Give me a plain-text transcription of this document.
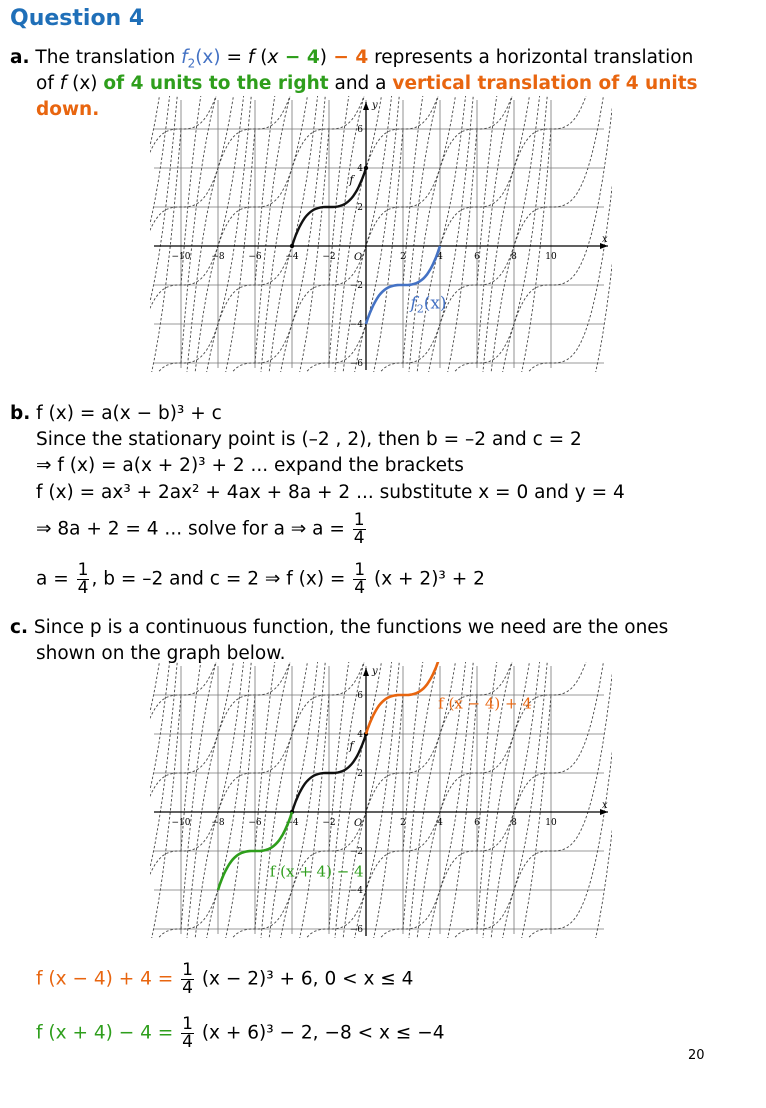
Question 4
a. The translation $f_2(x) = f$ (x − 4) − 4 represents a horizontal translation
of f (x) of 4 units to the right and a vertical translation of 4 units
down.
−10 −8	−6	−4	−2	2	4	6	8	10
6
4
2
−2
−4
−6
O
x
y
f
$f_2(x)$
b. f (x) = a(x − b)³ + c
Since the stationary point is (–2 , 2), then b = –2 and c = 2
⇒ f (x) = a(x + 2)³ + 2 ... expand the brackets
f (x) = ax³ + 2ax² + 4ax + 8a + 2 ... substitute x = 0 and y = 4
⇒ 8a + 2 = 4 ... solve for a ⇒ $a = \frac{1}{4}$
$a = \frac{1}{4}$ , b = –2 and c = 2 ⇒ f $(x) = \frac{1}{4} (x + 2)^3 + 2$
c. Since p is a continuous function, the functions we need are the ones
shown on the graph below.
−10 −8	−6	−4	−2	2	4	6	8	10
6
4
2
−2
−4
−6
O
x
y
f
f (x − 4) + 4
f (x + 4) − 4
f $(x - 4) + 4 = \frac{1}{4} (x - 2)^3 + 6$, 0 < x ≤ 4
f $(x + 4) - 4 = \frac{1}{4} (x + 6)^3 - 2$, −8 < x ≤ −4
20
